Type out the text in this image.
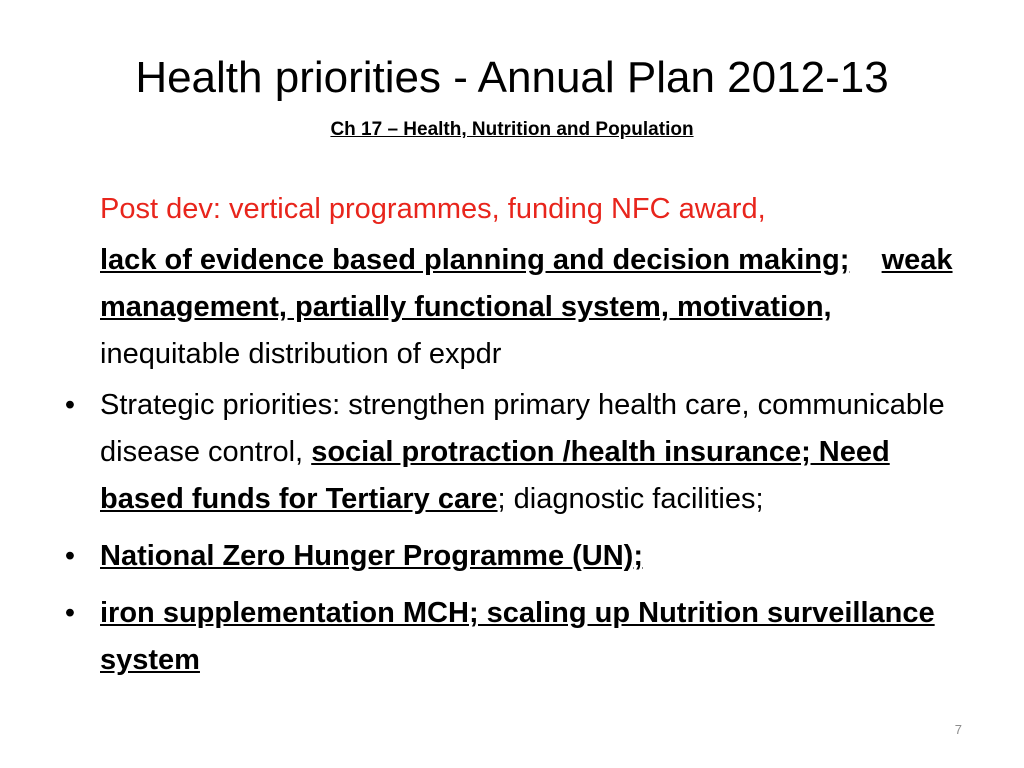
Health priorities - Annual Plan 2012-13
Ch 17 – Health, Nutrition and Population

Post dev: vertical programmes, funding NFC award,

lack of evidence based planning and decision making; weak management, partially functional system, motivation, inequitable distribution of expdr

• Strategic priorities: strengthen primary health care, communicable disease control, social protraction /health insurance; Need based funds for Tertiary care; diagnostic facilities;

• National Zero Hunger Programme (UN);

• iron supplementation MCH; scaling up Nutrition surveillance system

7
